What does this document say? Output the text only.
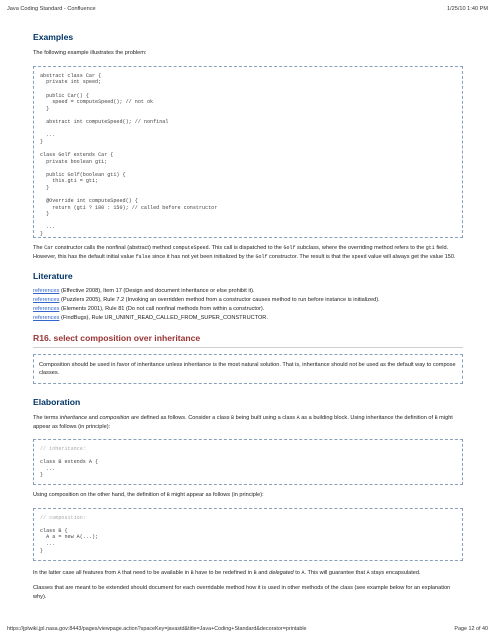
Java Coding Standard - Confluence	1/25/10 1:40 PM
Examples

The following example illustrates the problem:

abstract class Car {
private int speed;

public Car() {
speed = computeSpeed(); // not ok
}

abstract int computeSpeed(); // nonfinal

...
}

class Golf extends Car {
private boolean gti;

public Golf(boolean gti) {
this.gti = gti;
}

@Override int computeSpeed() {
return (gti ? 180 : 150); // called before constructor
}

...
}

The Car constructor calls the nonfinal (abstract) method computeSpeed. This call is dispatched to the Golf subclass, where the overriding method refers to the gti field. However, this has the default initial value false since it has not yet been initialized by the Golf constructor. The result is that the speed value will always get the value 150.

Literature

references (Effective 2008), Item 17 (Design and document inheritance or else prohibit it).

references (Puzzlers 2005), Rule 7.2 (Invoking an overridden method from a constructor causes method to run before instance is initialized).

references (Elements 2001), Rule 81 (Do not call nonfinal methods from within a constructor).

references (FindBugs), Rule UR_UNINIT_READ_CALLED_FROM_SUPER_CONSTRUCTOR.

R16. select composition over inheritance

Composition should be used in favor of inheritance unless inheritance is the most natural solution. That is, inheritance should not be used as the default way to compose classes.

Elaboration

The terms inheritance and composition are defined as follows. Consider a class B being built using a class A as a building block. Using inheritance the definition of B might appear as follows (in principle):

// inheritance:

class B extends A {
...
}

Using composition on the other hand, the definition of B might appear as follows (in principle):

// composition:

class B {
A a = new A(...);
...
}

In the latter case all features from A that need to be available in B have to be redefined in B and delegated to A. This will guarantee that A stays encapsulated.

Classes that are meant to be extended should document for each overridable method how it is used in other methods of the class (see example below for an explanation why).

https://jplwiki.jpl.nasa.gov:8443/pages/viewpage.action?spaceKey=javastd&title=Java+Coding+Standard&decorator=printable	Page 12 of 40
